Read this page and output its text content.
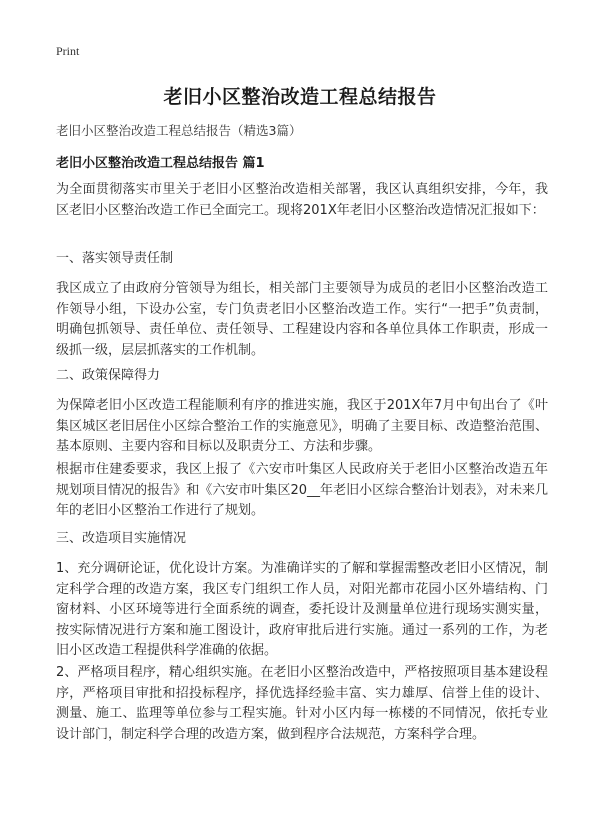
Print
老旧小区整治改造工程总结报告
老旧小区整治改造工程总结报告（精选3篇）
老旧小区整治改造工程总结报告 篇1
为全面贯彻落实市里关于老旧小区整治改造相关部署，我区认真组织安排，今年，我区老旧小区整治改造工作已全面完工。现将201X年老旧小区整治改造情况汇报如下：
一、落实领导责任制
我区成立了由政府分管领导为组长，相关部门主要领导为成员的老旧小区整治改造工作领导小组，下设办公室，专门负责老旧小区整治改造工作。实行“一把手”负责制，明确包抓领导、责任单位、责任领导、工程建设内容和各单位具体工作职责，形成一级抓一级，层层抓落实的工作机制。
二、政策保障得力
为保障老旧小区改造工程能顺利有序的推进实施，我区于201X年7月中旬出台了《叶集区城区老旧居住小区综合整治工作的实施意见》，明确了主要目标、改造整治范围、基本原则、主要内容和目标以及职责分工、方法和步骤。
根据市住建委要求，我区上报了《六安市叶集区人民政府关于老旧小区整治改造五年规划项目情况的报告》和《六安市叶集区20__年老旧小区综合整治计划表》，对未来几年的老旧小区整治工作进行了规划。
三、改造项目实施情况
1、充分调研论证，优化设计方案。为准确详实的了解和掌握需整改老旧小区情况，制定科学合理的改造方案，我区专门组织工作人员，对阳光都市花园小区外墙结构、门窗材料、小区环境等进行全面系统的调查，委托设计及测量单位进行现场实测实量，按实际情况进行方案和施工图设计，政府审批后进行实施。通过一系列的工作，为老旧小区改造工程提供科学准确的依据。
2、严格项目程序，精心组织实施。在老旧小区整治改造中，严格按照项目基本建设程序，严格项目审批和招投标程序，择优选择经验丰富、实力雄厚、信誉上佳的设计、测量、施工、监理等单位参与工程实施。针对小区内每一栋楼的不同情况，依托专业设计部门，制定科学合理的改造方案，做到程序合法规范，方案科学合理。
